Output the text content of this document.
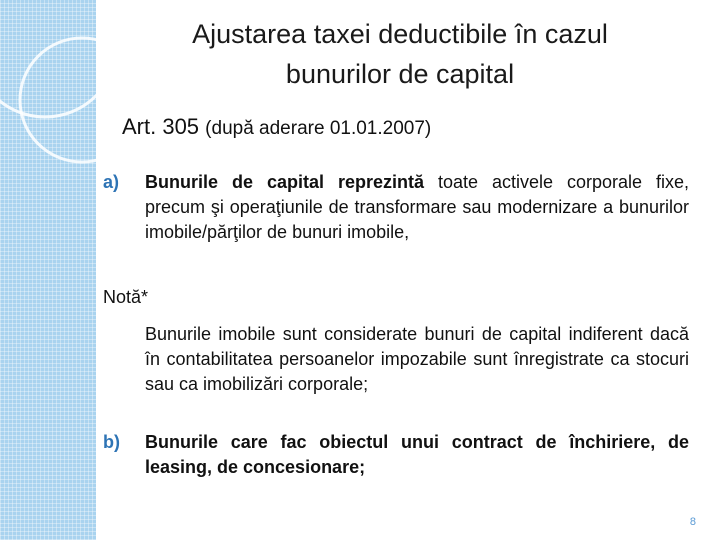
Ajustarea taxei deductibile în cazul
bunurilor de capital
Art. 305 (după aderare 01.01.2007)
a) Bunurile de capital reprezintă toate activele corporale fixe, precum şi operaţiunile de transformare sau modernizare a bunurilor imobile/părţilor de bunuri imobile,
Notă*
Bunurile imobile sunt considerate bunuri de capital indiferent dacă în contabilitatea persoanelor impozabile sunt înregistrate ca stocuri sau ca imobilizări corporale;
b) Bunurile care fac obiectul unui contract de închiriere, de leasing, de concesionare;
8
